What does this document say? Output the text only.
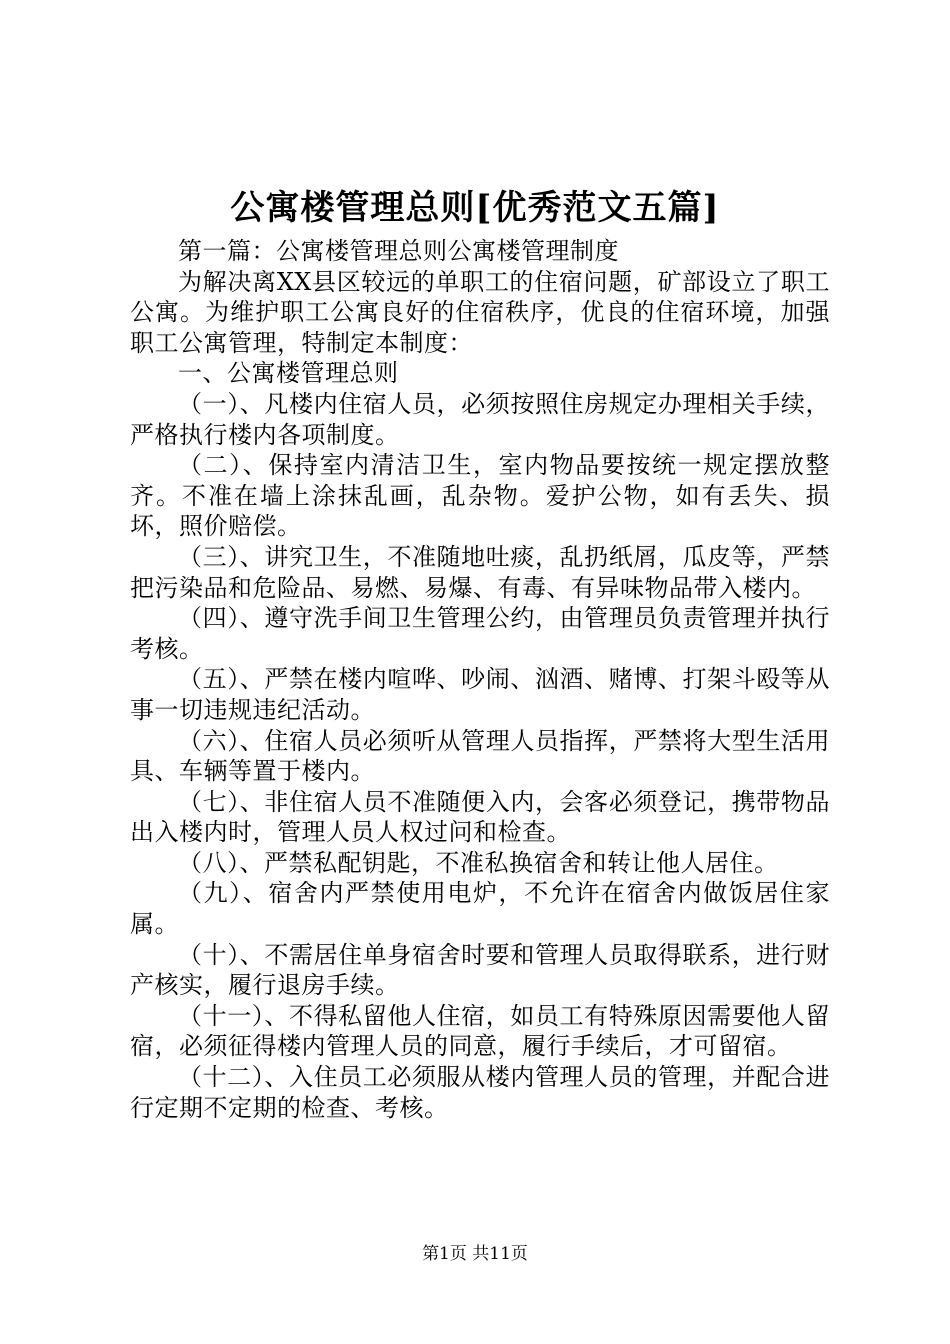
公寓楼管理总则[优秀范文五篇]

第一篇：公寓楼管理总则公寓楼管理制度

为解决离XX县区较远的单职工的住宿问题，矿部设立了职工公寓。为维护职工公寓良好的住宿秩序，优良的住宿环境，加强职工公寓管理，特制定本制度：

一、公寓楼管理总则

（一）、凡楼内住宿人员，必须按照住房规定办理相关手续，严格执行楼内各项制度。

（二）、保持室内清洁卫生，室内物品要按统一规定摆放整齐。不准在墙上涂抹乱画，乱杂物。爱护公物，如有丢失、损坏，照价赔偿。

（三）、讲究卫生，不准随地吐痰，乱扔纸屑，瓜皮等，严禁把污染品和危险品、易燃、易爆、有毒、有异味物品带入楼内。

（四）、遵守洗手间卫生管理公约，由管理员负责管理并执行考核。

（五）、严禁在楼内喧哗、吵闹、汹酒、赌博、打架斗殴等从事一切违规违纪活动。

（六）、住宿人员必须听从管理人员指挥，严禁将大型生活用具、车辆等置于楼内。

（七）、非住宿人员不准随便入内，会客必须登记，携带物品出入楼内时，管理人员人权过问和检查。

（八）、严禁私配钥匙，不准私换宿舍和转让他人居住。

（九）、宿舍内严禁使用电炉，不允许在宿舍内做饭居住家属。

（十）、不需居住单身宿舍时要和管理人员取得联系，进行财产核实，履行退房手续。

（十一）、不得私留他人住宿，如员工有特殊原因需要他人留宿，必须征得楼内管理人员的同意，履行手续后，才可留宿。

（十二）、入住员工必须服从楼内管理人员的管理，并配合进行定期不定期的检查、考核。

第1页 共11页
